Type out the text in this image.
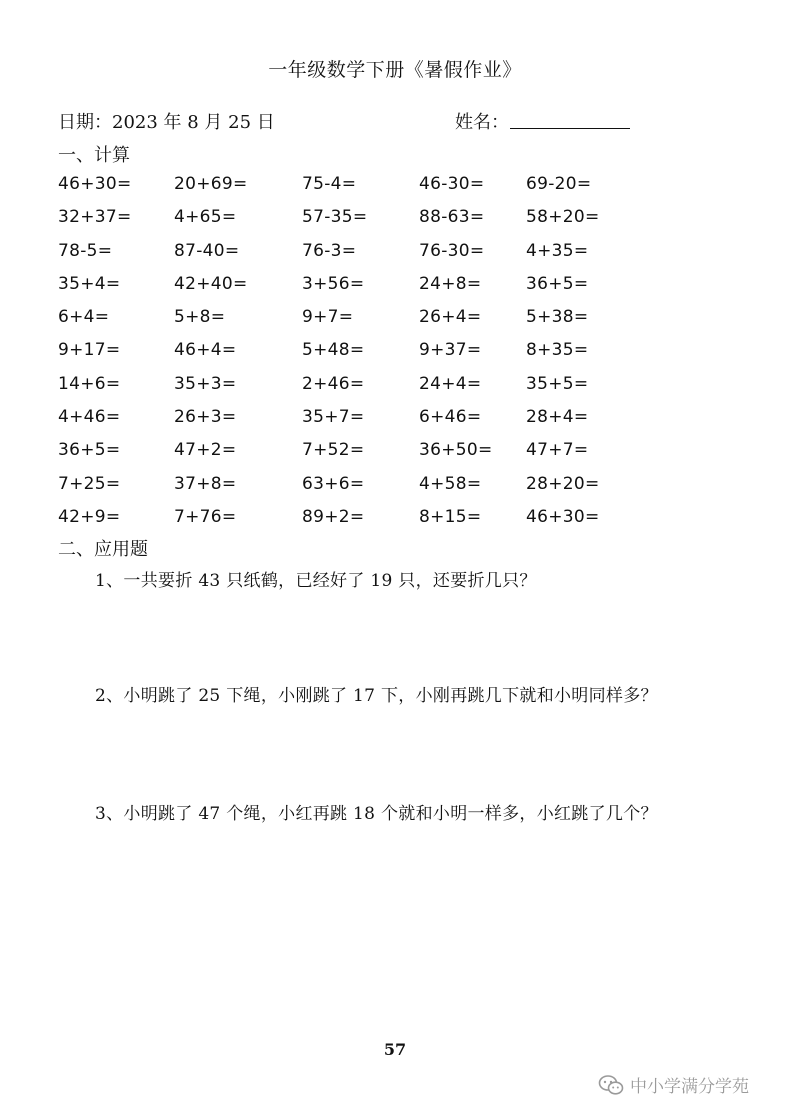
一年级数学下册《暑假作业》
日期：2023 年 8 月 25 日	姓名：
一、计算
46+30= 20+69=	75-4=	46-30= 69-20=
32+37= 4+65=	57-35=	88-63= 58+20=
78-5=	87-40=	76-3=	76-30= 4+35=
35+4=	42+40=	3+56=	24+8=	36+5=
6+4=	5+8=	9+7=	26+4=	5+38=
9+17=	46+4=	5+48=	9+37=	8+35=
14+6=	35+3=	2+46=	24+4=	35+5=
4+46=	26+3=	35+7=	6+46=	28+4=
36+5=	47+2=	7+52=	36+50= 47+7=
7+25=	37+8=	63+6=	4+58=	28+20=
42+9=	7+76=	89+2=	8+15=	46+30=
二、应用题
1、一共要折 43 只纸鹤，已经好了 19 只，还要折几只？
2、小明跳了 25 下绳，小刚跳了 17 下，小刚再跳几下就和小明同样多？
3、小明跳了 47 个绳，小红再跳 18 个就和小明一样多，小红跳了几个？
57
中小学满分学苑
